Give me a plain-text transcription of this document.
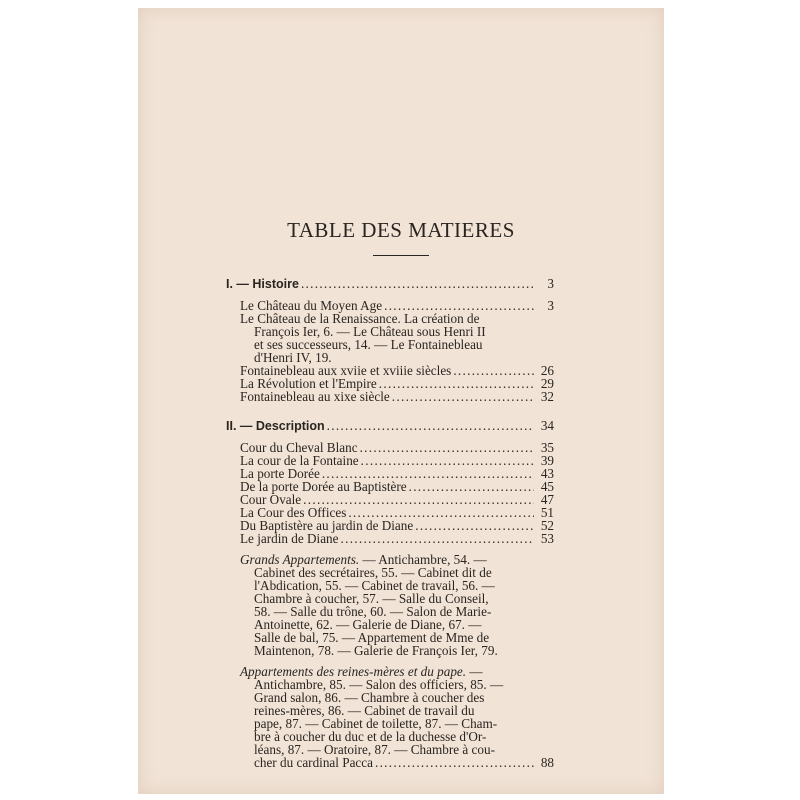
TABLE DES MATIERES
I. — Histoire . . .	3
Le Château du Moyen Age . . .	3
Le Château de la Renaissance. La création de
François Ier, 6. — Le Château sous Henri II
et ses successeurs, 14. — Le Fontainebleau
d'Henri IV, 19.
Fontainebleau aux xviie et xviiie siècles . . .	26
La Révolution et l'Empire . . .	29
Fontainebleau au xixe siècle . . .	32
II. — Description . . .	34
Cour du Cheval Blanc . . .	35
La cour de la Fontaine . . .	39
La porte Dorée . . .	43
De la porte Dorée au Baptistère . . .	45
Cour Ovale . . .	47
La Cour des Offices . . .	51
Du Baptistère au jardin de Diane . . .	52
Le jardin de Diane . . .	53
Grands Appartements. — Antichambre, 54. —
Cabinet des secrétaires, 55. — Cabinet dit de
l'Abdication, 55. — Cabinet de travail, 56. —
Chambre à coucher, 57. — Salle du Conseil,
58. — Salle du trône, 60. — Salon de Marie-
Antoinette, 62. — Galerie de Diane, 67. —
Salle de bal, 75. — Appartement de Mme de
Maintenon, 78. — Galerie de François Ier, 79.
Appartements des reines-mères et du pape. —
Antichambre, 85. — Salon des officiers, 85. —
Grand salon, 86. — Chambre à coucher des
reines-mères, 86. — Cabinet de travail du
pape, 87. — Cabinet de toilette, 87. — Cham-
bre à coucher du duc et de la duchesse d'Or-
léans, 87. — Oratoire, 87. — Chambre à cou-
cher du cardinal Pacca . . .	88
